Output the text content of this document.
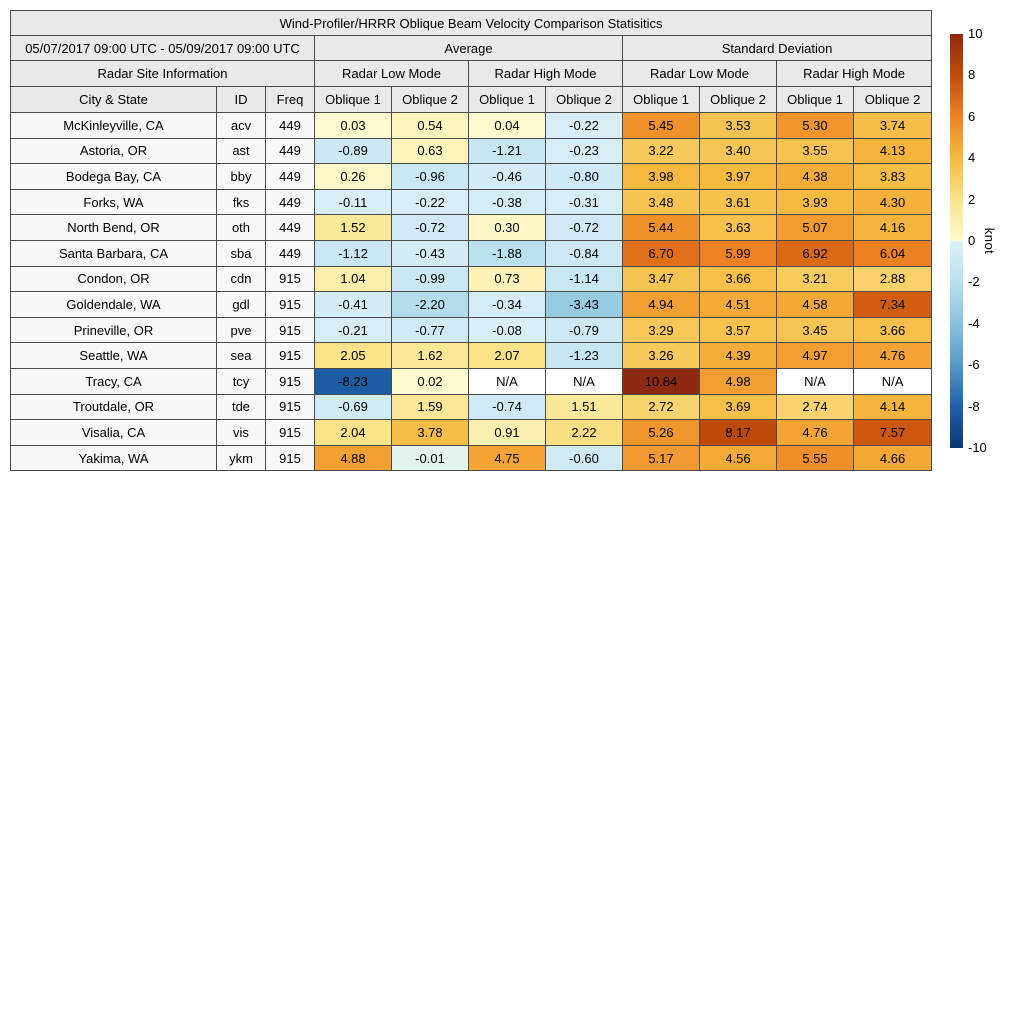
Wind-Profiler/HRRR Oblique Beam Velocity Comparison Statisitics										
05/07/2017 09:00 UTC - 05/09/2017 09:00 UTC			Average				Standard Deviation			
Radar Site Information			Radar Low Mode		Radar High Mode		Radar Low Mode		Radar High Mode	
City & State	ID	Freq	Oblique 1	Oblique 2	Oblique 1	Oblique 2	Oblique 1	Oblique 2	Oblique 1	Oblique 2
McKinleyville, CA	acv	449	0.03	0.54	0.04	-0.22	5.45	3.53	5.30	3.74
Astoria, OR	ast	449	-0.89	0.63	-1.21	-0.23	3.22	3.40	3.55	4.13
Bodega Bay, CA	bby	449	0.26	-0.96	-0.46	-0.80	3.98	3.97	4.38	3.83
Forks, WA	fks	449	-0.11	-0.22	-0.38	-0.31	3.48	3.61	3.93	4.30
North Bend, OR	oth	449	1.52	-0.72	0.30	-0.72	5.44	3.63	5.07	4.16
Santa Barbara, CA	sba	449	-1.12	-0.43	-1.88	-0.84	6.70	5.99	6.92	6.04
Condon, OR	cdn	915	1.04	-0.99	0.73	-1.14	3.47	3.66	3.21	2.88
Goldendale, WA	gdl	915	-0.41	-2.20	-0.34	-3.43	4.94	4.51	4.58	7.34
Prineville, OR	pve	915	-0.21	-0.77	-0.08	-0.79	3.29	3.57	3.45	3.66
Seattle, WA	sea	915	2.05	1.62	2.07	-1.23	3.26	4.39	4.97	4.76
Tracy, CA	tcy	915	-8.23	0.02	N/A	N/A	10.84	4.98	N/A	N/A
Troutdale, OR	tde	915	-0.69	1.59	-0.74	1.51	2.72	3.69	2.74	4.14
Visalia, CA	vis	915	2.04	3.78	0.91	2.22	5.26	8.17	4.76	7.57
Yakima, WA	ykm	915	4.88	-0.01	4.75	-0.60	5.17	4.56	5.55	4.66
10
8
6
4
2
0
-2
-4
-6
-8
-10
knot
